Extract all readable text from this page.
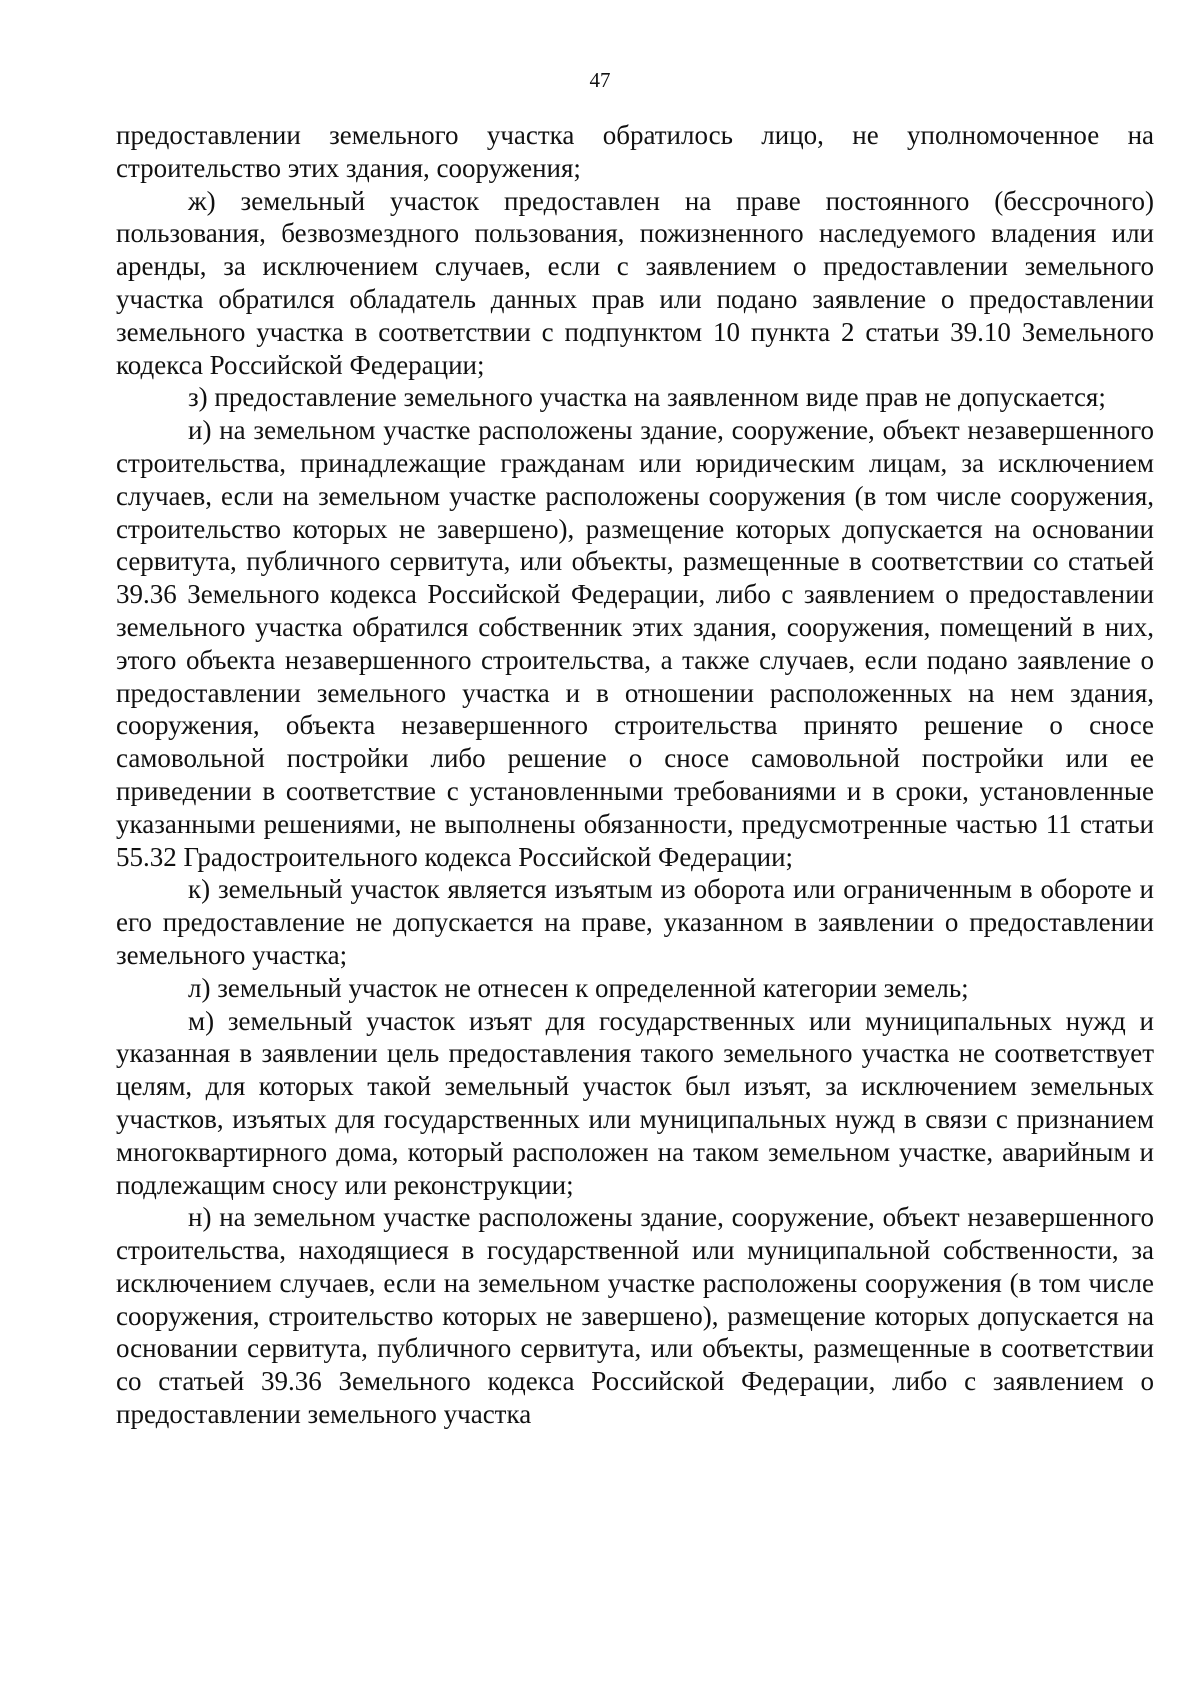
47

предоставлении земельного участка обратилось лицо, не уполномоченное на строительство этих здания, сооружения;

ж) земельный участок предоставлен на праве постоянного (бессрочного) пользования, безвозмездного пользования, пожизненного наследуемого владения или аренды, за исключением случаев, если с заявлением о предоставлении земельного участка обратился обладатель данных прав или подано заявление о предоставлении земельного участка в соответствии с подпунктом 10 пункта 2 статьи 39.10 Земельного кодекса Российской Федерации;

з) предоставление земельного участка на заявленном виде прав не допускается;

и) на земельном участке расположены здание, сооружение, объект незавершенного строительства, принадлежащие гражданам или юридическим лицам, за исключением случаев, если на земельном участке расположены сооружения (в том числе сооружения, строительство которых не завершено), размещение которых допускается на основании сервитута, публичного сервитута, или объекты, размещенные в соответствии со статьей 39.36 Земельного кодекса Российской Федерации, либо с заявлением о предоставлении земельного участка обратился собственник этих здания, сооружения, помещений в них, этого объекта незавершенного строительства, а также случаев, если подано заявление о предоставлении земельного участка и в отношении расположенных на нем здания, сооружения, объекта незавершенного строительства принято решение о сносе самовольной постройки либо решение о сносе самовольной постройки или ее приведении в соответствие с установленными требованиями и в сроки, установленные указанными решениями, не выполнены обязанности, предусмотренные частью 11 статьи 55.32 Градостроительного кодекса Российской Федерации;

к) земельный участок является изъятым из оборота или ограниченным в обороте и его предоставление не допускается на праве, указанном в заявлении о предоставлении земельного участка;

л) земельный участок не отнесен к определенной категории земель;

м) земельный участок изъят для государственных или муниципальных нужд и указанная в заявлении цель предоставления такого земельного участка не соответствует целям, для которых такой земельный участок был изъят, за исключением земельных участков, изъятых для государственных или муниципальных нужд в связи с признанием многоквартирного дома, который расположен на таком земельном участке, аварийным и подлежащим сносу или реконструкции;

н) на земельном участке расположены здание, сооружение, объект незавершенного строительства, находящиеся в государственной или муниципальной собственности, за исключением случаев, если на земельном участке расположены сооружения (в том числе сооружения, строительство которых не завершено), размещение которых допускается на основании сервитута, публичного сервитута, или объекты, размещенные в соответствии со статьей 39.36 Земельного кодекса Российской Федерации, либо с заявлением о предоставлении земельного участка
